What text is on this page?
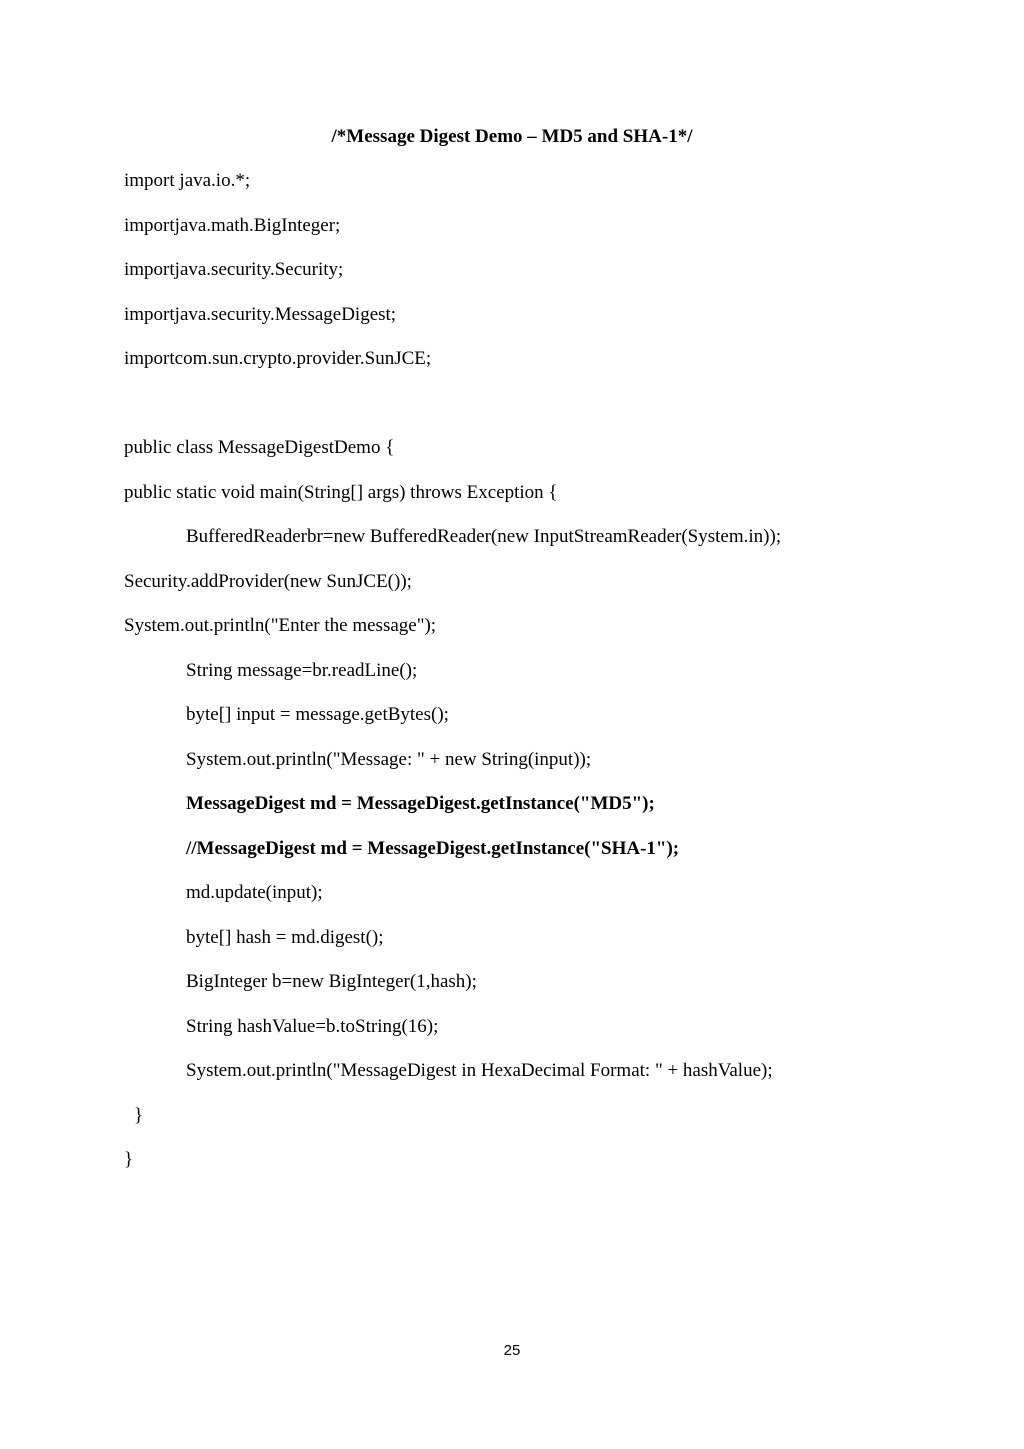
/*Message Digest Demo – MD5 and SHA-1*/
import java.io.*;
importjava.math.BigInteger;
importjava.security.Security;
importjava.security.MessageDigest;
importcom.sun.crypto.provider.SunJCE;
public class MessageDigestDemo {
public static void main(String[] args) throws Exception {
BufferedReaderbr=new BufferedReader(new InputStreamReader(System.in));
Security.addProvider(new SunJCE());
System.out.println("Enter the message");
String message=br.readLine();
byte[] input = message.getBytes();
System.out.println("Message: " + new String(input));
MessageDigest md = MessageDigest.getInstance("MD5");
//MessageDigest md = MessageDigest.getInstance("SHA-1");
md.update(input);
byte[] hash = md.digest();
BigInteger b=new BigInteger(1,hash);
String hashValue=b.toString(16);
System.out.println("MessageDigest in HexaDecimal Format: " + hashValue);
}
}
25
